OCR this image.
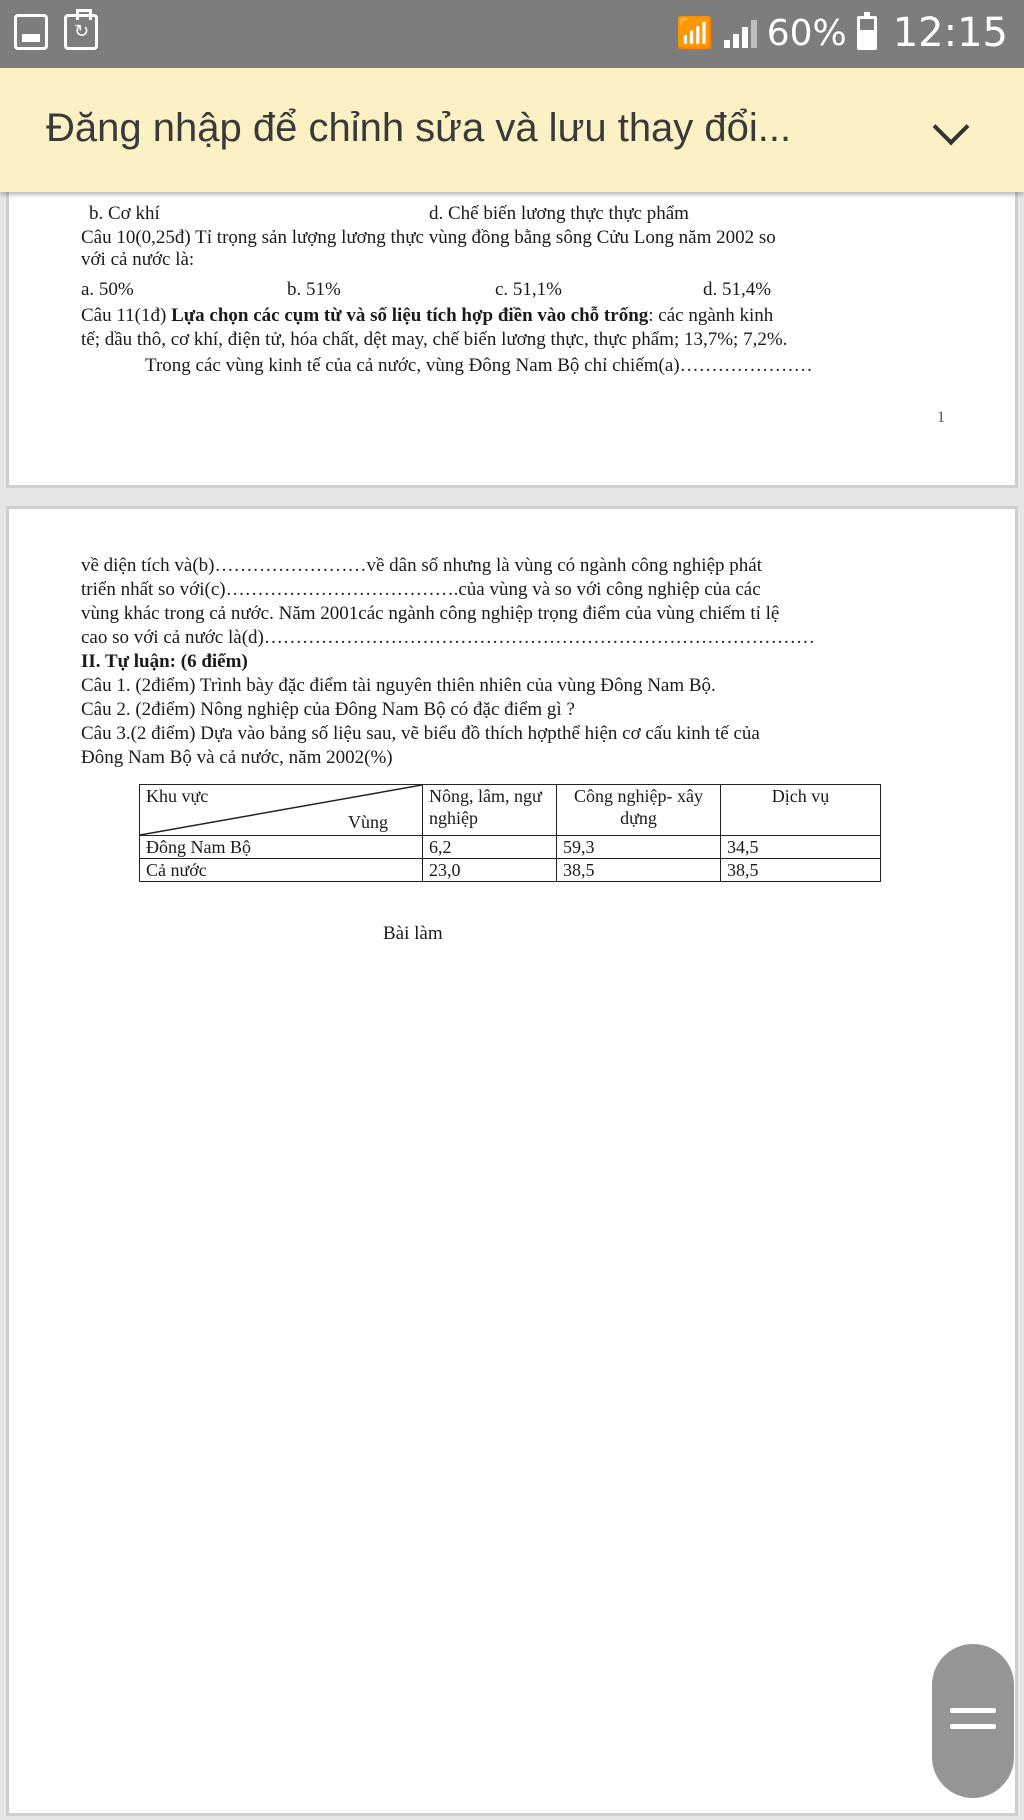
↻
📶 60% 12:15
Đăng nhập để chỉnh sửa và lưu thay đổi...
b. Cơ khí	d. Chế biến lương thực thực phẩm
Câu 10(0,25đ) Tỉ trọng sản lượng lương thực vùng đồng bằng sông Cửu Long năm 2002 so
với cả nước là:
a. 50%	b. 51%	c. 51,1%	d. 51,4%
Câu 11(1đ) Lựa chọn các cụm từ và số liệu tích hợp điền vào chỗ trống: các ngành kinh
tế; dầu thô, cơ khí, điện tử, hóa chất, dệt may, chế biến lương thực, thực phẩm; 13,7%; 7,2%.
Trong các vùng kinh tế của cả nước, vùng Đông Nam Bộ chỉ chiếm(a)…………………
1
về diện tích và(b)……………………về dân số nhưng là vùng có ngành công nghiệp phát
triển nhất so với(c)……………………………….của vùng và so với công nghiệp của các
vùng khác trong cả nước. Năm 2001các ngành công nghiệp trọng điểm của vùng chiếm tỉ lệ
cao so với cả nước là(d)……………………………………………………………………………
II. Tự luận: (6 điểm)
Câu 1. (2điểm) Trình bày đặc điểm tài nguyên thiên nhiên của vùng Đông Nam Bộ.
Câu 2. (2điểm) Nông nghiệp của Đông Nam Bộ có đặc điểm gì ?
Câu 3.(2 điểm) Dựa vào bảng số liệu sau, vẽ biểu đồ thích hợpthể hiện cơ cấu kinh tế của
Đông Nam Bộ và cả nước, năm 2002(%)
Khu vực
Vùng	Nông, lâm, ngư nghiệp	Công nghiệp- xây dựng	Dịch vụ
Đông Nam Bộ	6,2	59,3	34,5
Cả nước	23,0	38,5	38,5
Bài làm
